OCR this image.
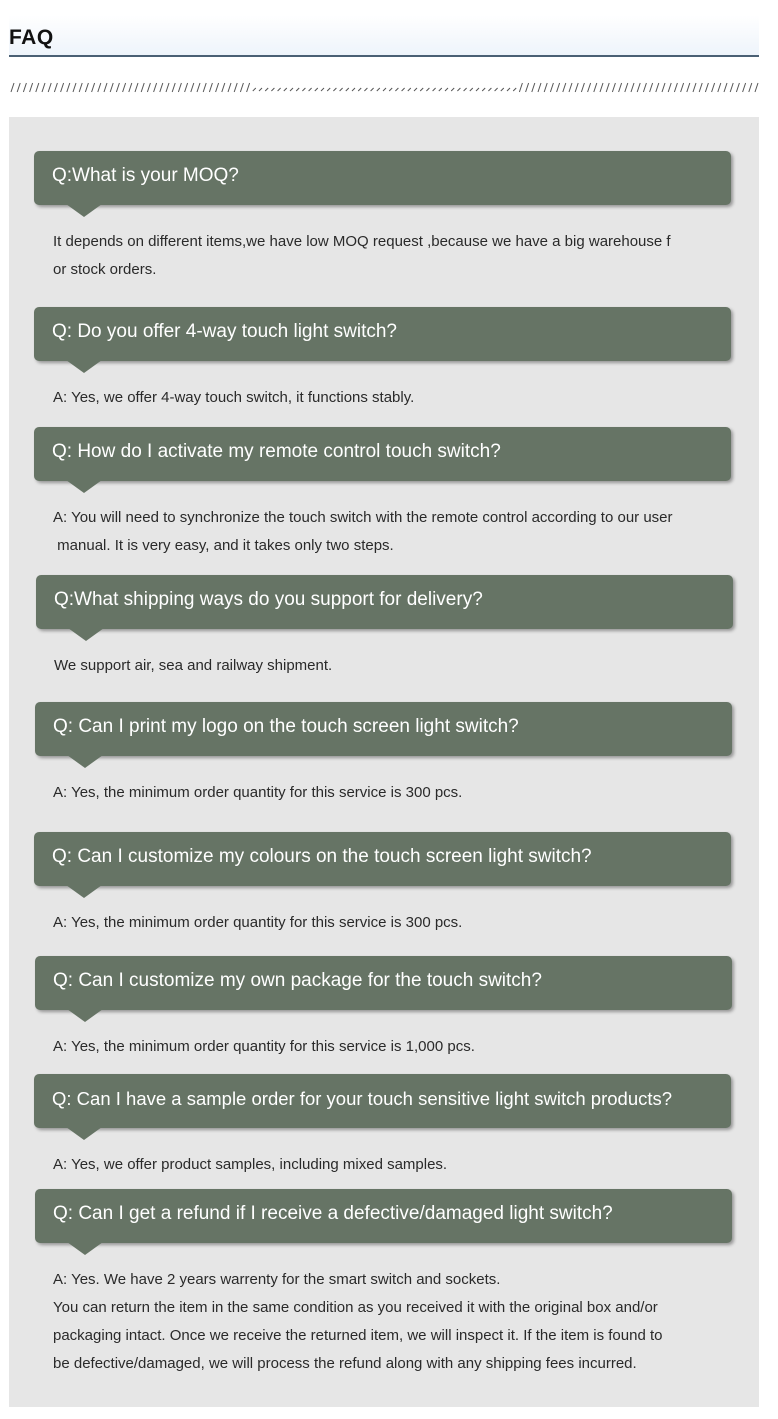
FAQ
Q:What is your MOQ?

It depends on different items,we have low MOQ request ,because we have a big warehouse f

or stock orders.

Q: Do you offer 4-way touch light switch?

A: Yes, we offer 4-way touch switch, it functions stably.

Q: How do I activate my remote control touch switch?

A: You will need to synchronize the touch switch with the remote control according to our user

manual. It is very easy, and it takes only two steps.

Q:What shipping ways do you support for delivery?

We support air, sea and railway shipment.

Q: Can I print my logo on the touch screen light switch?

A: Yes, the minimum order quantity for this service is 300 pcs.

Q: Can I customize my colours on the touch screen light switch?

A: Yes, the minimum order quantity for this service is 300 pcs.

Q: Can I customize my own package for the touch switch?

A: Yes, the minimum order quantity for this service is 1,000 pcs.

Q: Can I have a sample order for your touch sensitive light switch products?

A: Yes, we offer product samples, including mixed samples.

Q: Can I get a refund if I receive a defective/damaged light switch?

A: Yes. We have 2 years warrenty for the smart switch and sockets.

You can return the item in the same condition as you received it with the original box and/or

packaging intact. Once we receive the returned item, we will inspect it. If the item is found to

be defective/damaged, we will process the refund along with any shipping fees incurred.
